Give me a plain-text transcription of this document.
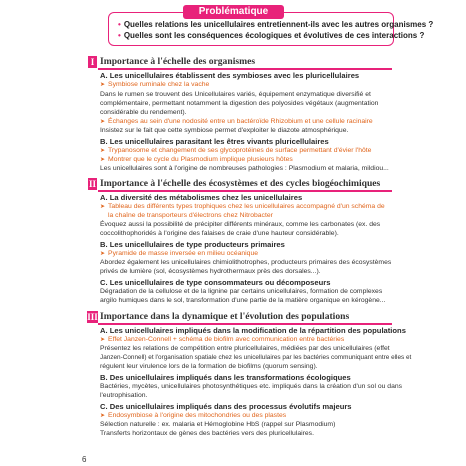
Problématique
• Quelles relations les unicellulaires entretiennent-ils avec les autres organismes ?
• Quelles sont les conséquences écologiques et évolutives de ces interactions ?
I Importance à l'échelle des organismes
A. Les unicellulaires établissent des symbioses avec les pluricellulaires
➤ Symbiose ruminale chez la vache
Dans le rumen se trouvent des Unicellulaires variés, équipement enzymatique diversifié et
complémentaire, permettant notamment la digestion des polyosides végétaux (augmentation
considérable du rendement).
➤ Échanges au sein d'une nodosité entre un bactéroïde Rhizobium et une cellule racinaire
Insistez sur le fait que cette symbiose permet d'exploiter le diazote atmosphérique.
B. Les unicellulaires parasitant les êtres vivants pluricellulaires
➤ Trypanosome et changement de ses glycoprotéines de surface permettant d'évier l'hôte
➤ Montrer que le cycle du Plasmodium implique plusieurs hôtes
Les unicellulaires sont à l'origine de nombreuses pathologies : Plasmodium et malaria, mildiou...
II Importance à l'échelle des écosystèmes et des cycles biogéochimiques
A. La diversité des métabolismes chez les unicellulaires
➤ Tableau des différents types trophiques chez les unicellulaires accompagné d'un schéma de
la chaîne de transporteurs d'électrons chez Nitrobacter
Évoquez aussi la possibilité de précipiter différents minéraux, comme les carbonates (ex. des
coccolithophoridés à l'origine des falaises de craie d'une hauteur considérable).
B. Les unicellulaires de type producteurs primaires
➤ Pyramide de masse inversée en milieu océanique
Abordez également les unicellulaires chimiolithotrophes, producteurs primaires des écosystèmes
privés de lumière (sol, écosystèmes hydrothermaux près des dorsales...).
C. Les unicellulaires de type consommateurs ou décomposeurs
Dégradation de la cellulose et de la lignine par certains unicellulaires, formation de complexes
argilo humiques dans le sol, transformation d'une partie de la matière organique en kérogène...
III Importance dans la dynamique et l'évolution des populations
A. Les unicellulaires impliqués dans la modification de la répartition des populations
➤ Effet Janzen-Connell + schéma de biofilm avec communication entre bactéries
Présentez les relations de compétition entre pluricellulaires, médiées par des unicellulaires (effet
Janzen-Connell) et l'organisation spatiale chez les unicellulaires par les bactéries communiquant entre elles et
régulent leur virulence lors de la formation de biofilms (quorum sensing).
B. Des unicellulaires impliqués dans les transformations écologiques
Bactéries, mycètes, unicellulaires photosynthétiques etc. impliqués dans la création d'un sol ou dans
l'eutrophisation.
C. Des unicellulaires impliqués dans des processus évolutifs majeurs
➤ Endosymbiose à l'origine des mitochondries ou des plastes
Sélection naturelle : ex. malaria et Hémoglobine HbS (rappel sur Plasmodium)
Transferts horizontaux de gènes des bactéries vers des pluricellulaires.
6
